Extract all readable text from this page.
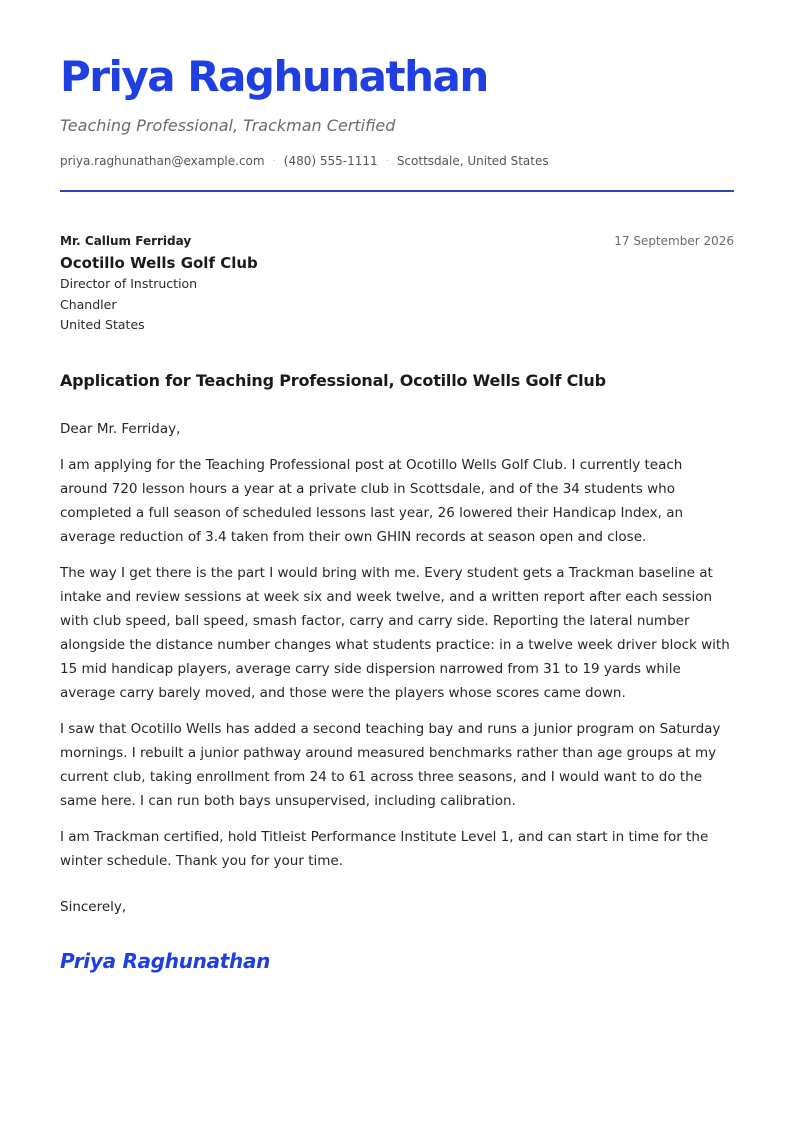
Priya Raghunathan
Teaching Professional, Trackman Certified
priya.raghunathan@example.com · (480) 555-1111 · Scottsdale, United States
Mr. Callum Ferriday
Ocotillo Wells Golf Club
Director of Instruction
Chandler
United States
17 September 2026
Application for Teaching Professional, Ocotillo Wells Golf Club

Dear Mr. Ferriday,

I am applying for the Teaching Professional post at Ocotillo Wells Golf Club. I currently teach around 720 lesson hours a year at a private club in Scottsdale, and of the 34 students who completed a full season of scheduled lessons last year, 26 lowered their Handicap Index, an average reduction of 3.4 taken from their own GHIN records at season open and close.

The way I get there is the part I would bring with me. Every student gets a Trackman baseline at intake and review sessions at week six and week twelve, and a written report after each session with club speed, ball speed, smash factor, carry and carry side. Reporting the lateral number alongside the distance number changes what students practice: in a twelve week driver block with 15 mid handicap players, average carry side dispersion narrowed from 31 to 19 yards while average carry barely moved, and those were the players whose scores came down.

I saw that Ocotillo Wells has added a second teaching bay and runs a junior program on Saturday mornings. I rebuilt a junior pathway around measured benchmarks rather than age groups at my current club, taking enrollment from 24 to 61 across three seasons, and I would want to do the same here. I can run both bays unsupervised, including calibration.

I am Trackman certified, hold Titleist Performance Institute Level 1, and can start in time for the winter schedule. Thank you for your time.

Sincerely,
Priya Raghunathan
